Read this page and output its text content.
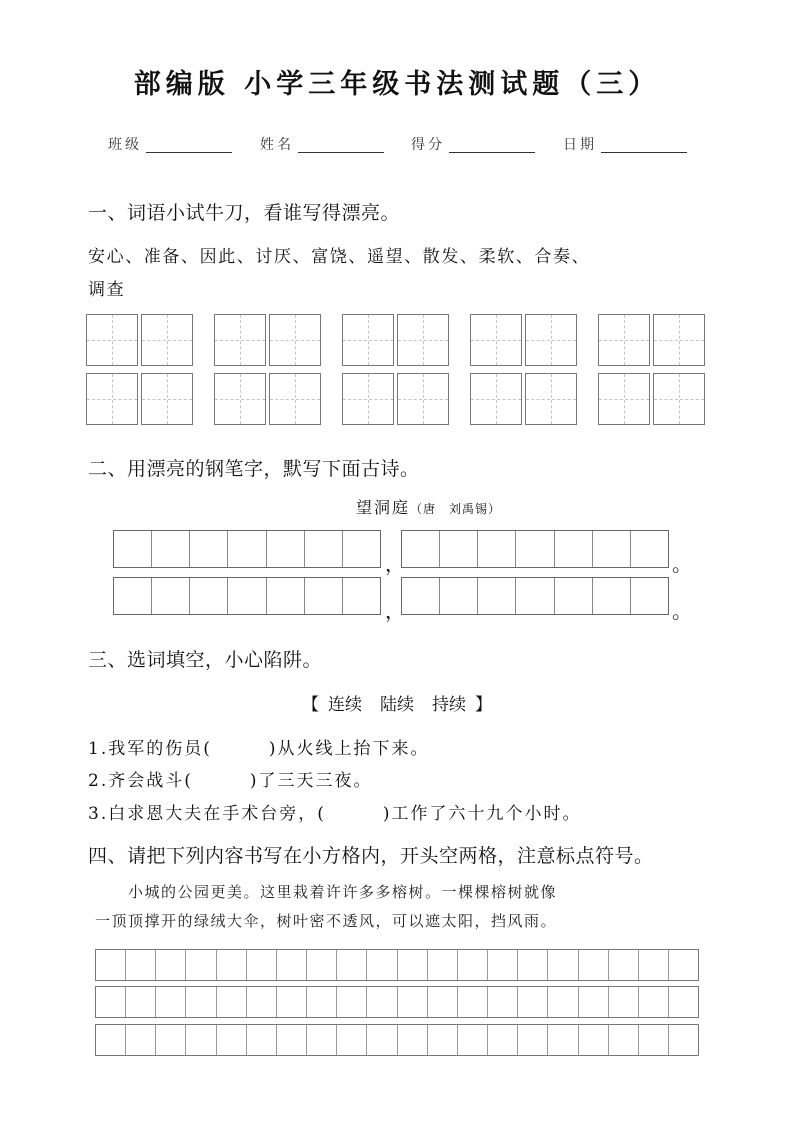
部编版 小学三年级书法测试题（三）
班级	姓名	得分	日期
一、词语小试牛刀，看谁写得漂亮。
安心、准备、因此、讨厌、富饶、遥望、散发、柔软、合奏、
调查
二、用漂亮的钢笔字，默写下面古诗。
望洞庭（唐　刘禹锡）
，	。
，	。
三、选词填空，小心陷阱。
【 连续 陆续 持续 】
1.我军的伤员(　　　)从火线上抬下来。
2.齐会战斗(　　　)了三天三夜。
3.白求恩大夫在手术台旁，(　　　)工作了六十九个小时。
四、请把下列内容书写在小方格内，开头空两格，注意标点符号。
小城的公园更美。这里栽着许许多多榕树。一棵棵榕树就像
一顶顶撑开的绿绒大伞，树叶密不透风，可以遮太阳，挡风雨。
